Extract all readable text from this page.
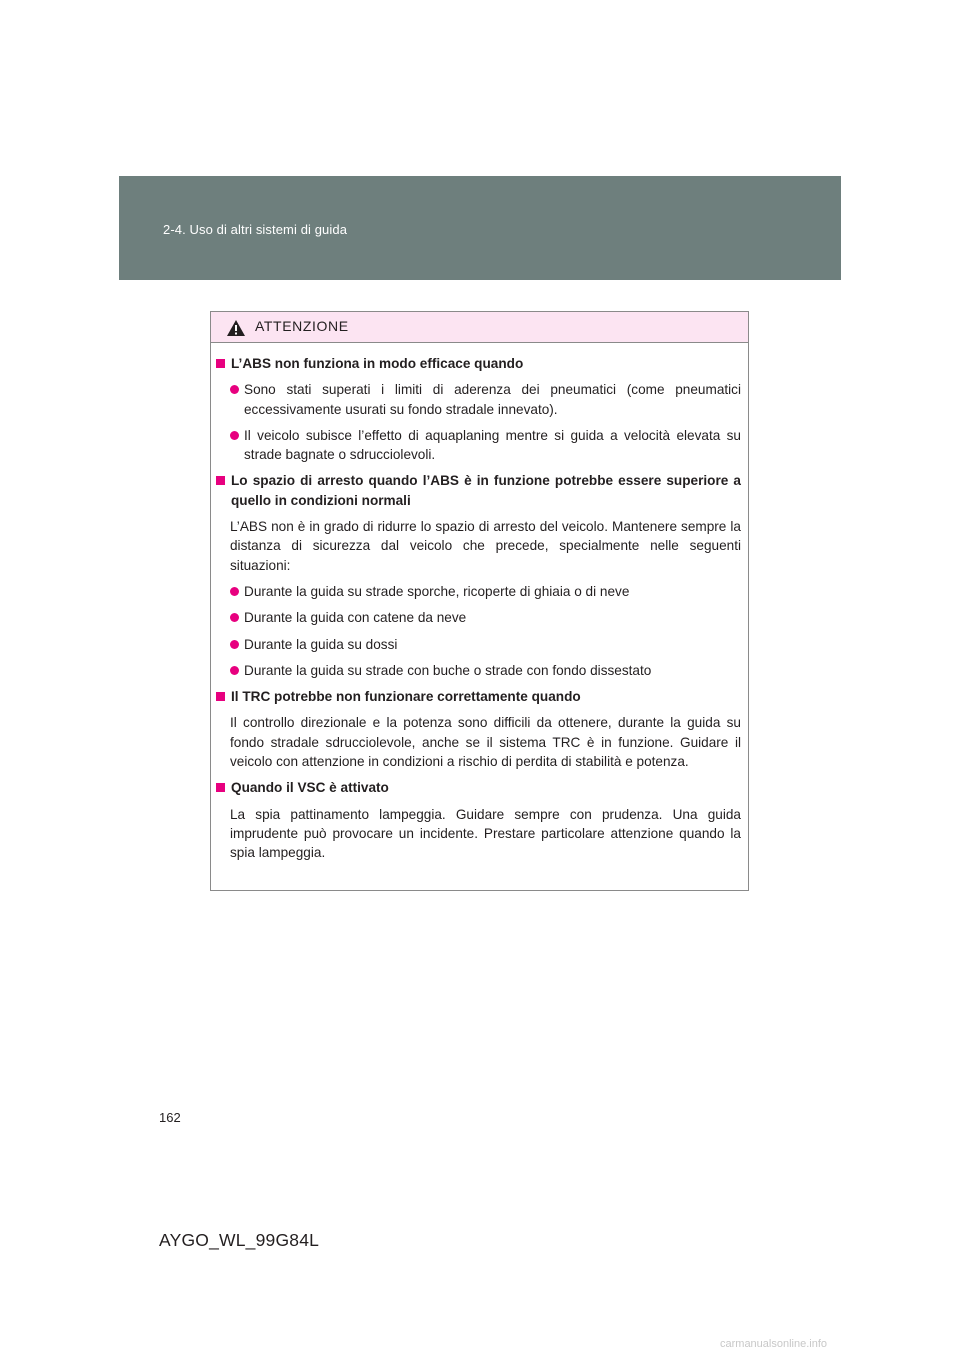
2-4. Uso di altri sistemi di guida
ATTENZIONE
L’ABS non funziona in modo efficace quando
Sono stati superati i limiti di aderenza dei pneumatici (come pneumatici eccessivamente usurati su fondo stradale innevato).
Il veicolo subisce l’effetto di aquaplaning mentre si guida a velocità elevata su strade bagnate o sdrucciolevoli.
Lo spazio di arresto quando l’ABS è in funzione potrebbe essere superiore a quello in condizioni normali
L’ABS non è in grado di ridurre lo spazio di arresto del veicolo. Mantenere sempre la distanza di sicurezza dal veicolo che precede, specialmente nelle seguenti situazioni:
Durante la guida su strade sporche, ricoperte di ghiaia o di neve
Durante la guida con catene da neve
Durante la guida su dossi
Durante la guida su strade con buche o strade con fondo dissestato
Il TRC potrebbe non funzionare correttamente quando
Il controllo direzionale e la potenza sono difficili da ottenere, durante la guida su fondo stradale sdrucciolevole, anche se il sistema TRC è in funzione. Guidare il veicolo con attenzione in condizioni a rischio di perdita di stabilità e potenza.
Quando il VSC è attivato
La spia pattinamento lampeggia. Guidare sempre con prudenza. Una guida imprudente può provocare un incidente. Prestare particolare attenzione quando la spia lampeggia.
162
AYGO_WL_99G84L
carmanualsonline.info
